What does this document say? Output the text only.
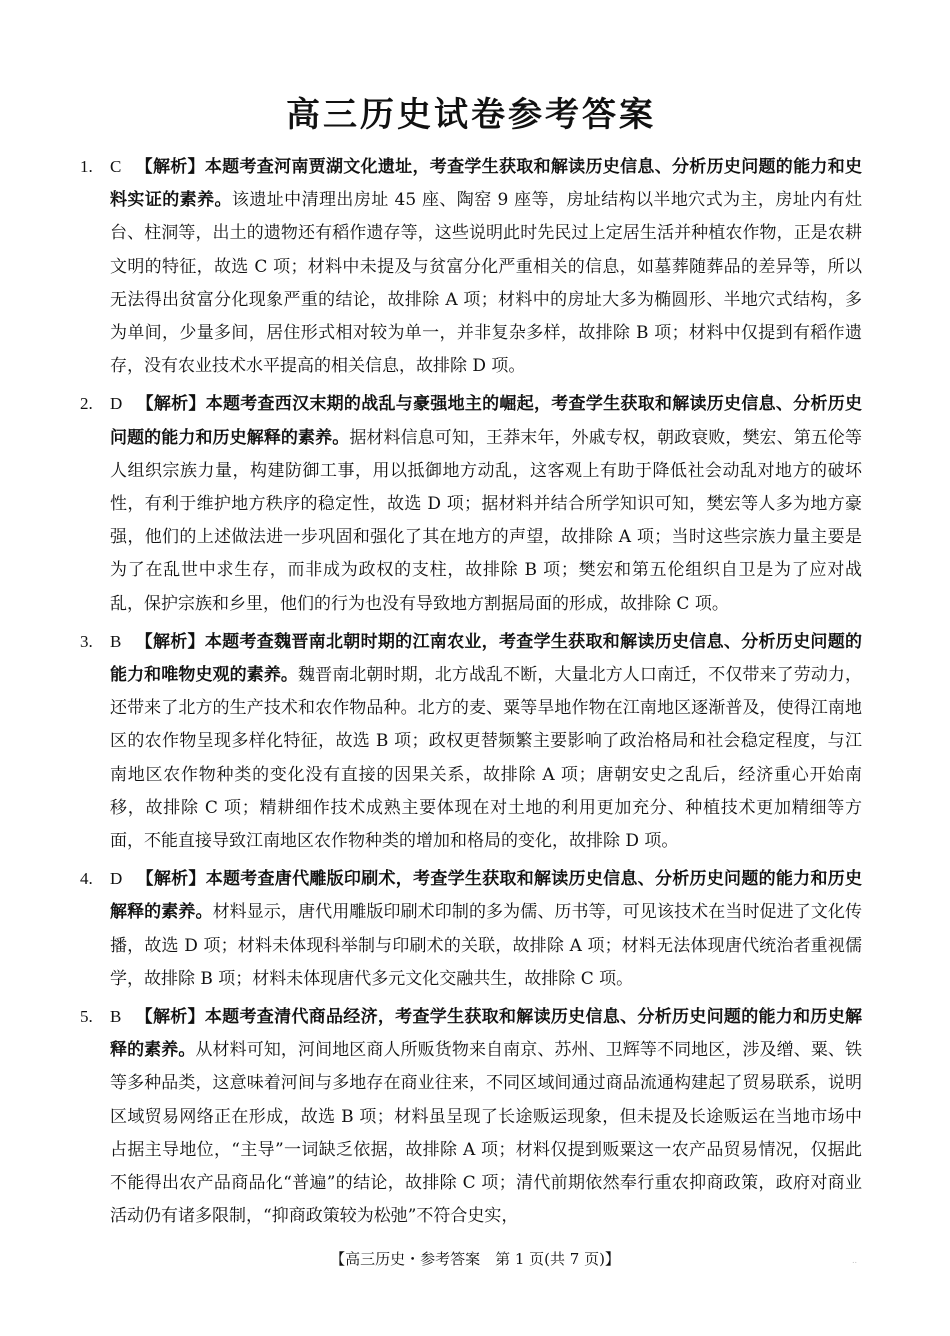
高三历史试卷参考答案
1.	C 【解析】本题考查河南贾湖文化遗址，考查学生获取和解读历史信息、分析历史问题的能力和史料实证的素养。该遗址中清理出房址 45 座、陶窑 9 座等，房址结构以半地穴式为主，房址内有灶台、柱洞等，出土的遗物还有稻作遗存等，这些说明此时先民过上定居生活并种植农作物，正是农耕文明的特征，故选 C 项；材料中未提及与贫富分化严重相关的信息，如墓葬随葬品的差异等，所以无法得出贫富分化现象严重的结论，故排除 A 项；材料中的房址大多为椭圆形、半地穴式结构，多为单间，少量多间，居住形式相对较为单一，并非复杂多样，故排除 B 项；材料中仅提到有稻作遗存，没有农业技术水平提高的相关信息，故排除 D 项。
2.	D 【解析】本题考查西汉末期的战乱与豪强地主的崛起，考查学生获取和解读历史信息、分析历史问题的能力和历史解释的素养。据材料信息可知，王莽末年，外戚专权，朝政衰败，樊宏、第五伦等人组织宗族力量，构建防御工事，用以抵御地方动乱，这客观上有助于降低社会动乱对地方的破坏性，有利于维护地方秩序的稳定性，故选 D 项；据材料并结合所学知识可知，樊宏等人多为地方豪强，他们的上述做法进一步巩固和强化了其在地方的声望，故排除 A 项；当时这些宗族力量主要是为了在乱世中求生存，而非成为政权的支柱，故排除 B 项；樊宏和第五伦组织自卫是为了应对战乱，保护宗族和乡里，他们的行为也没有导致地方割据局面的形成，故排除 C 项。
3.	B 【解析】本题考查魏晋南北朝时期的江南农业，考查学生获取和解读历史信息、分析历史问题的能力和唯物史观的素养。魏晋南北朝时期，北方战乱不断，大量北方人口南迁，不仅带来了劳动力，还带来了北方的生产技术和农作物品种。北方的麦、粟等旱地作物在江南地区逐渐普及，使得江南地区的农作物呈现多样化特征，故选 B 项；政权更替频繁主要影响了政治格局和社会稳定程度，与江南地区农作物种类的变化没有直接的因果关系，故排除 A 项；唐朝安史之乱后，经济重心开始南移，故排除 C 项；精耕细作技术成熟主要体现在对土地的利用更加充分、种植技术更加精细等方面，不能直接导致江南地区农作物种类的增加和格局的变化，故排除 D 项。
4.	D 【解析】本题考查唐代雕版印刷术，考查学生获取和解读历史信息、分析历史问题的能力和历史解释的素养。材料显示，唐代用雕版印刷术印制的多为儒、历书等，可见该技术在当时促进了文化传播，故选 D 项；材料未体现科举制与印刷术的关联，故排除 A 项；材料无法体现唐代统治者重视儒学，故排除 B 项；材料未体现唐代多元文化交融共生，故排除 C 项。
5.	B 【解析】本题考查清代商品经济，考查学生获取和解读历史信息、分析历史问题的能力和历史解释的素养。从材料可知，河间地区商人所贩货物来自南京、苏州、卫辉等不同地区，涉及缯、粟、铁等多种品类，这意味着河间与多地存在商业往来，不同区域间通过商品流通构建起了贸易联系，说明区域贸易网络正在形成，故选 B 项；材料虽呈现了长途贩运现象，但未提及长途贩运在当地市场中占据主导地位，“主导”一词缺乏依据，故排除 A 项；材料仅提到贩粟这一农产品贸易情况，仅据此不能得出农产品商品化“普遍”的结论，故排除 C 项；清代前期依然奉行重农抑商政策，政府对商业活动仍有诸多限制，“抑商政策较为松弛”不符合史实，
【高三历史・参考答案　第 1 页(共 7 页)】	..
